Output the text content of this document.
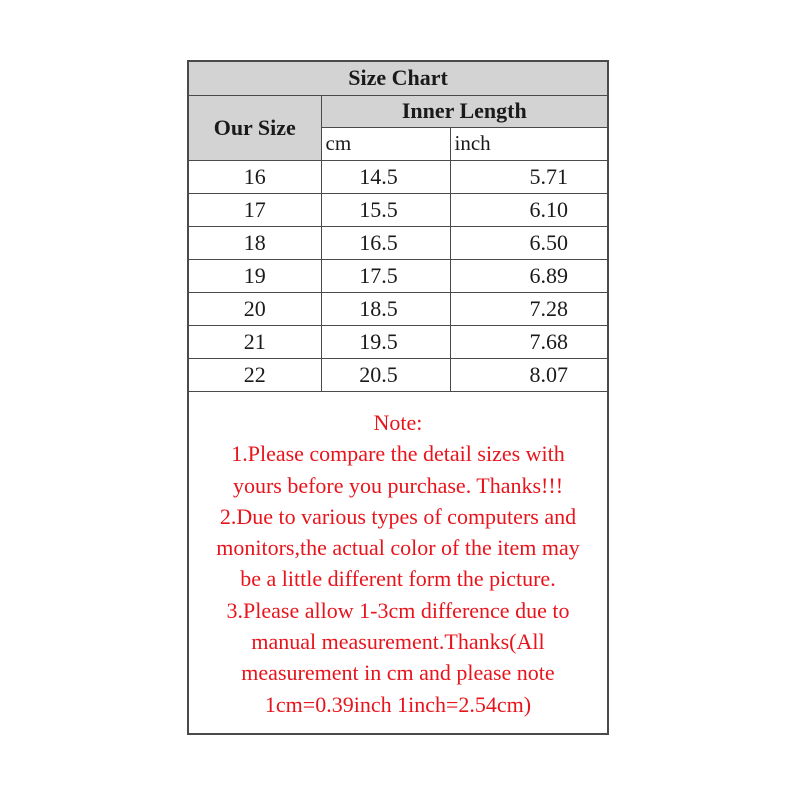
Size Chart		
Our Size	Inner Length	
	cm	inch
16	14.5	5.71
17	15.5	6.10
18	16.5	6.50
19	17.5	6.89
20	18.5	7.28
21	19.5	7.68
22	20.5	8.07
Note:
1.Please compare the detail sizes with
yours before you purchase. Thanks!!!
2.Due to various types of computers and
monitors,the actual color of the item may
be a little different form the picture.
3.Please allow 1-3cm difference due to
manual measurement.Thanks(All
measurement in cm and please note
1cm=0.39inch 1inch=2.54cm)
